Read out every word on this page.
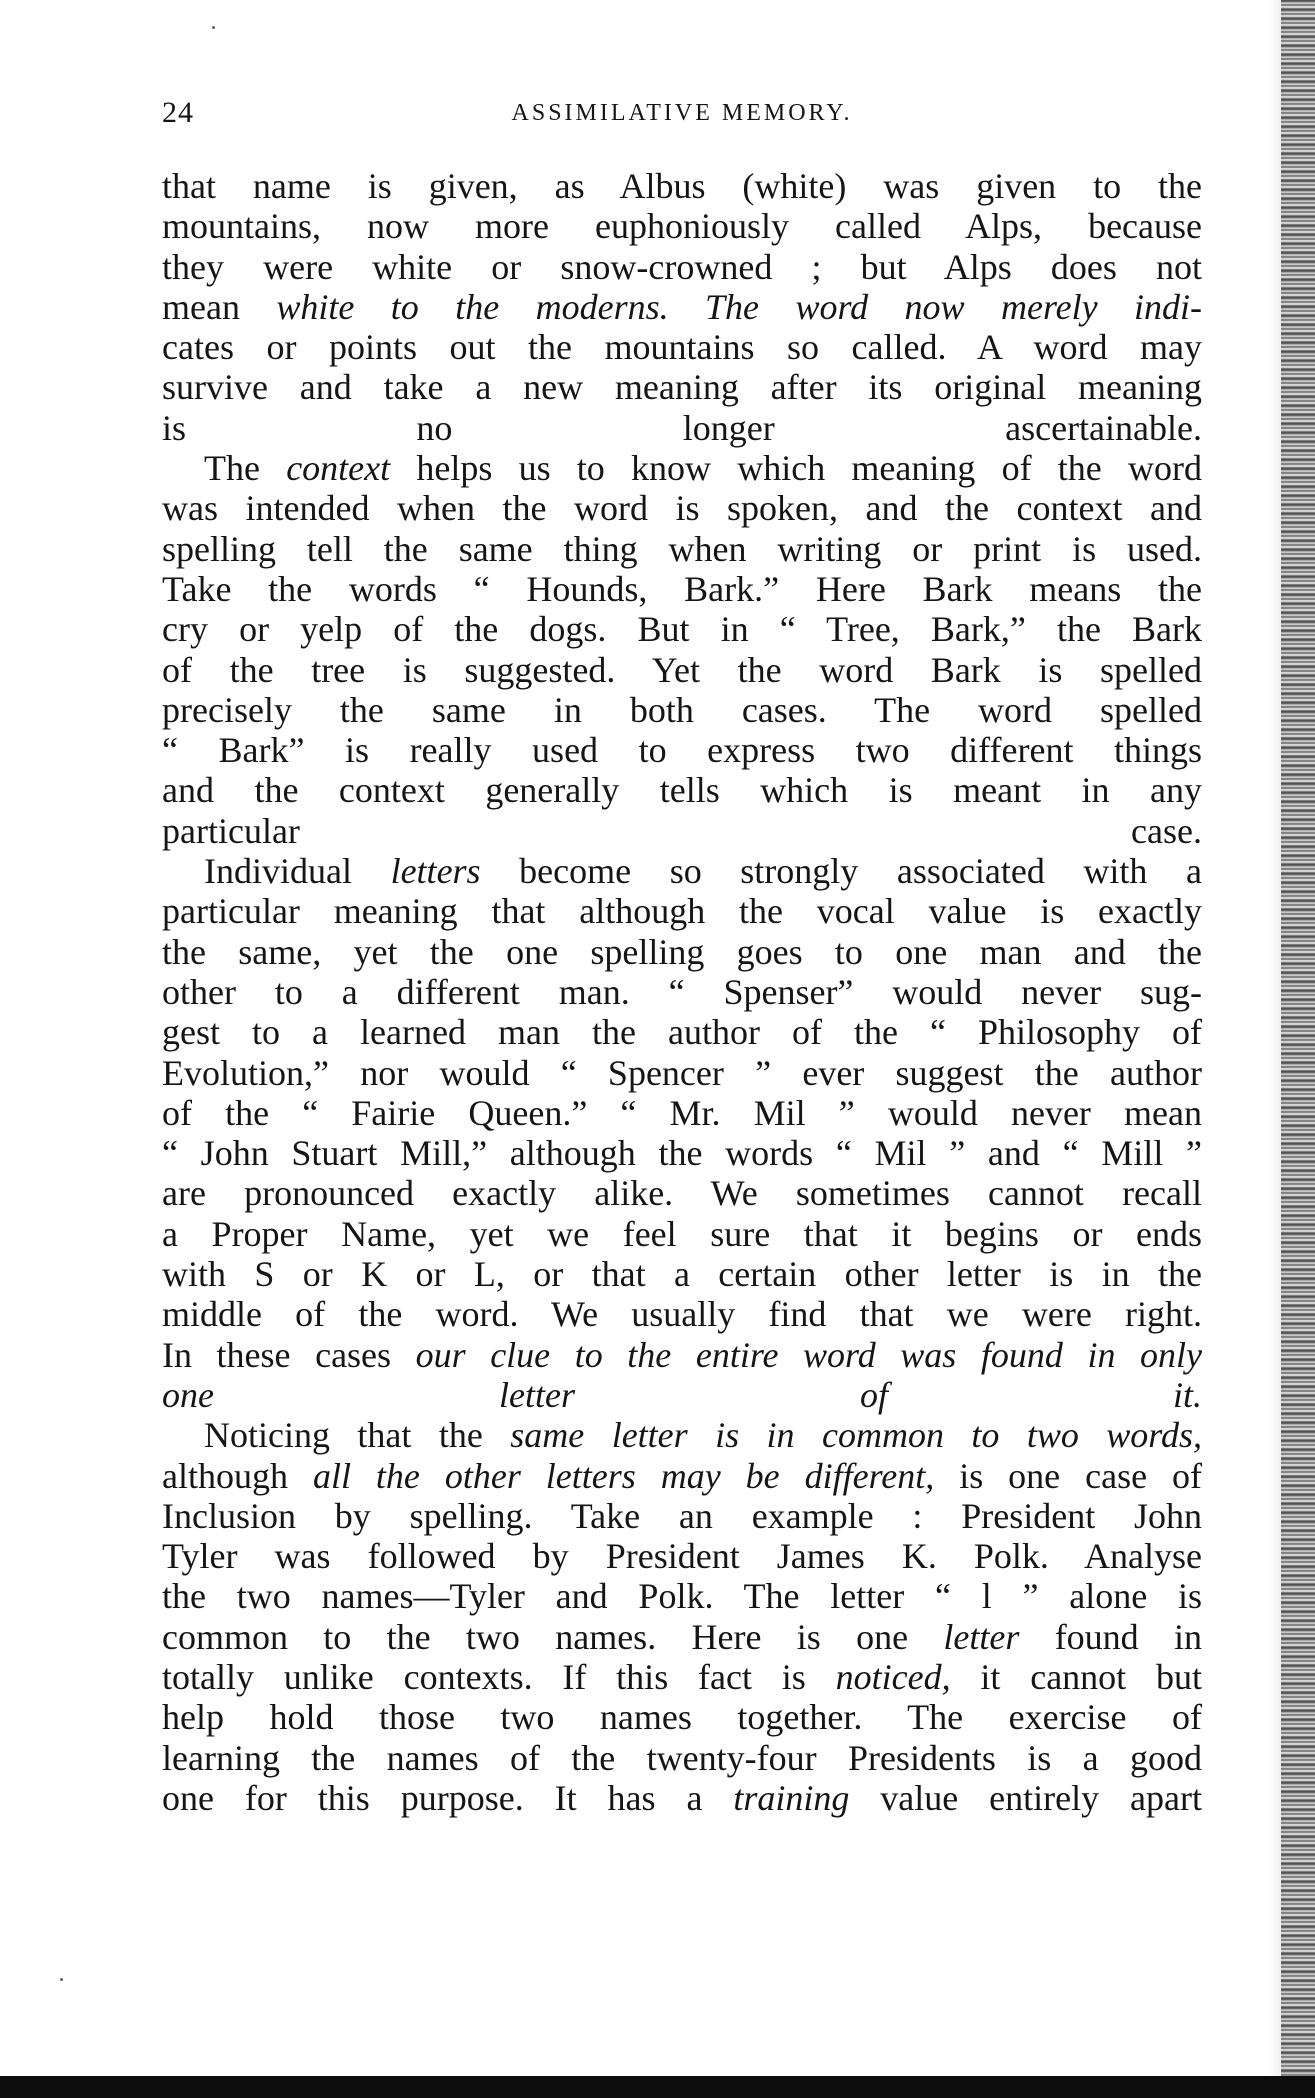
24	ASSIMILATIVE MEMORY.

that name is given, as Albus (white) was given to the
mountains, now more euphoniously called Alps, because
they were white or snow-crowned ; but Alps does not
mean white to the moderns. The word now merely indi-
cates or points out the mountains so called. A word may
survive and take a new meaning after its original meaning
is no longer ascertainable.

The context helps us to know which meaning of the word
was intended when the word is spoken, and the context and
spelling tell the same thing when writing or print is used.
Take the words “ Hounds, Bark.” Here Bark means the
cry or yelp of the dogs. But in “ Tree, Bark,” the Bark
of the tree is suggested. Yet the word Bark is spelled
precisely the same in both cases. The word spelled
“ Bark” is really used to express two different things
and the context generally tells which is meant in any
particular case.

Individual letters become so strongly associated with a
particular meaning that although the vocal value is exactly
the same, yet the one spelling goes to one man and the
other to a different man. “ Spenser” would never sug-
gest to a learned man the author of the “ Philosophy of
Evolution,” nor would “ Spencer ” ever suggest the author
of the “ Fairie Queen.” “ Mr. Mil ” would never mean
“ John Stuart Mill,” although the words “ Mil ” and “ Mill ”
are pronounced exactly alike. We sometimes cannot recall
a Proper Name, yet we feel sure that it begins or ends
with S or K or L, or that a certain other letter is in the
middle of the word. We usually find that we were right.
In these cases our clue to the entire word was found in only
one letter of it.

Noticing that the same letter is in common to two words,
although all the other letters may be different, is one case of
Inclusion by spelling. Take an example : President John
Tyler was followed by President James K. Polk. Analyse
the two names—Tyler and Polk. The letter “ l ” alone is
common to the two names. Here is one letter found in
totally unlike contexts. If this fact is noticed, it cannot but
help hold those two names together. The exercise of
learning the names of the twenty-four Presidents is a good
one for this purpose. It has a training value entirely apart
